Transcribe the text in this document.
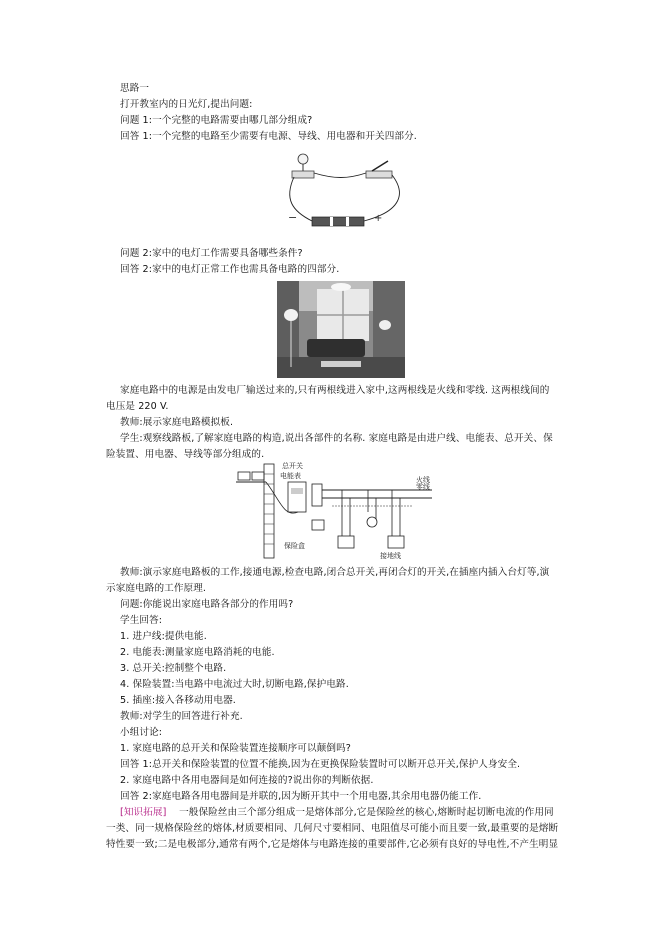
思路一
打开教室内的日光灯,提出问题:
问题 1:一个完整的电路需要由哪几部分组成?
回答 1:一个完整的电路至少需要有电源、导线、用电器和开关四部分.
−	+
问题 2:家中的电灯工作需要具备哪些条件?
回答 2:家中的电灯正常工作也需具备电路的四部分.
家庭电路中的电源是由发电厂输送过来的,只有两根线进入家中,这两根线是火线和零线. 这两根线间的
电压是 220 V.
教师:展示家庭电路模拟板.
学生:观察线路板,了解家庭电路的构造,说出各部件的名称. 家庭电路是由进户线、电能表、总开关、保
险装置、用电器、导线等部分组成的.
电能表
总开关
保险盒
火线
零线
接地线
教师:演示家庭电路板的工作,接通电源,检查电路,闭合总开关,再闭合灯的开关,在插座内插入台灯等,演
示家庭电路的工作原理.
问题:你能说出家庭电路各部分的作用吗?
学生回答:
1. 进户线:提供电能.
2. 电能表:测量家庭电路消耗的电能.
3. 总开关:控制整个电路.
4. 保险装置:当电路中电流过大时,切断电路,保护电路.
5. 插座:接入各移动用电器.
教师:对学生的回答进行补充.
小组讨论:
1. 家庭电路的总开关和保险装置连接顺序可以颠倒吗?
回答 1:总开关和保险装置的位置不能换,因为在更换保险装置时可以断开总开关,保护人身安全.
2. 家庭电路中各用电器间是如何连接的?说出你的判断依据.
回答 2:家庭电路各用电器间是并联的,因为断开其中一个用电器,其余用电器仍能工作.
[知识拓展] 一般保险丝由三个部分组成一是熔体部分,它是保险丝的核心,熔断时起切断电流的作用同
一类、同一规格保险丝的熔体,材质要相同、几何尺寸要相同、电阻值尽可能小而且要一致,最重要的是熔断
特性要一致;二是电极部分,通常有两个,它是熔体与电路连接的重要部件,它必须有良好的导电性,不产生明显
